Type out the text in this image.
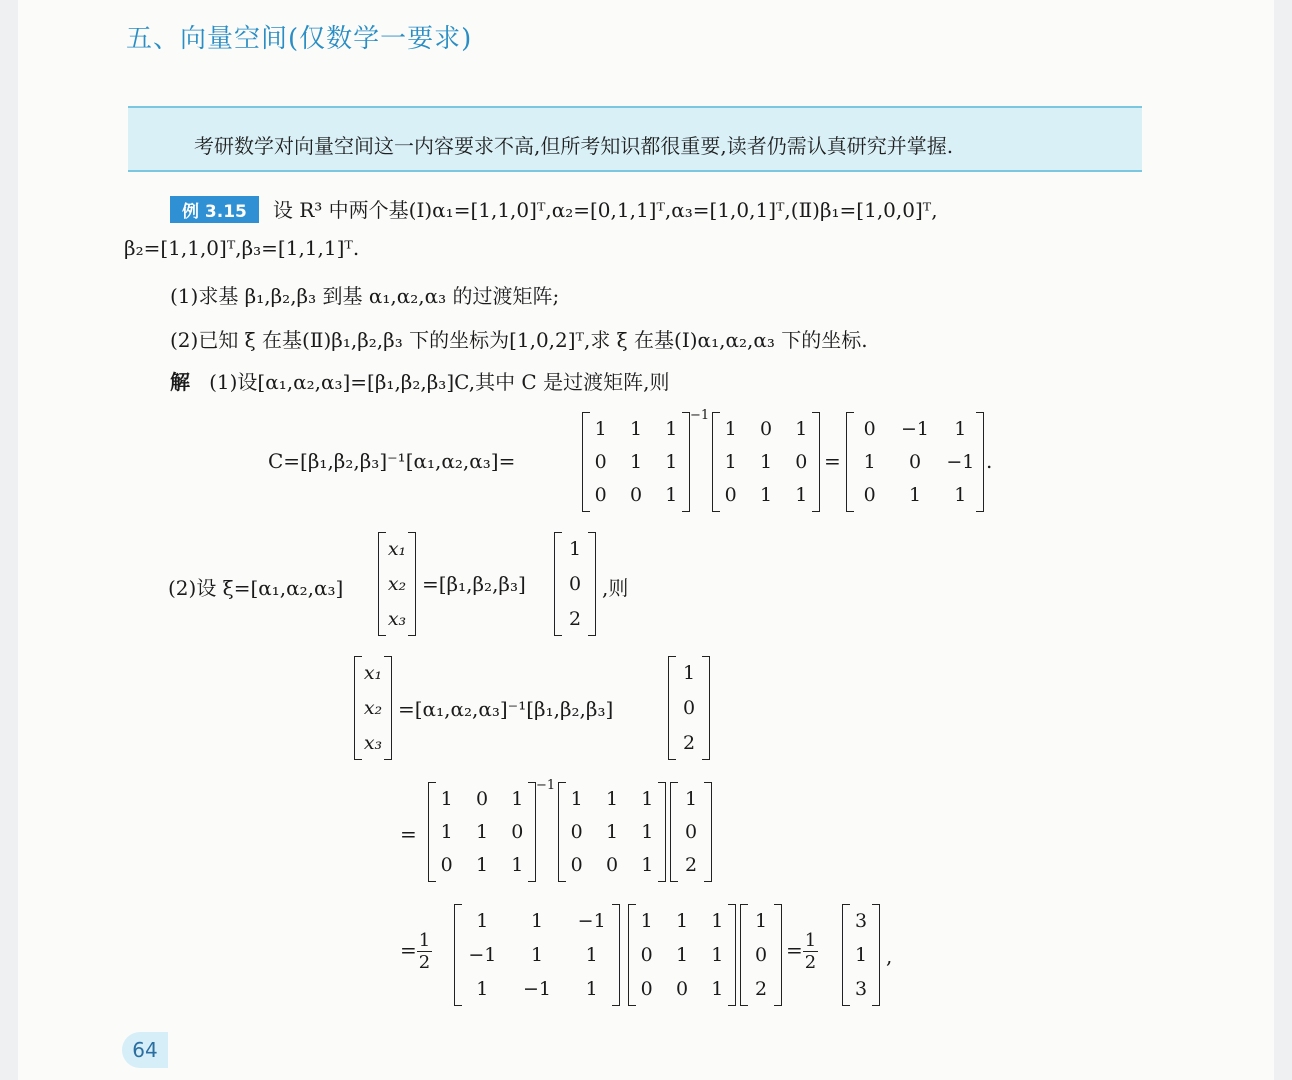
五、向量空间(仅数学一要求)
考研数学对向量空间这一内容要求不高,但所考知识都很重要,读者仍需认真研究并掌握.
例 3.15 设 R³ 中两个基(Ⅰ)α₁=[1,1,0]ᵀ,α₂=[0,1,1]ᵀ,α₃=[1,0,1]ᵀ,(Ⅱ)β₁=[1,0,0]ᵀ,
β₂=[1,1,0]ᵀ,β₃=[1,1,1]ᵀ.
(1)求基 β₁,β₂,β₃ 到基 α₁,α₂,α₃ 的过渡矩阵;
(2)已知 ξ 在基(Ⅱ)β₁,β₂,β₃ 下的坐标为[1,0,2]ᵀ,求 ξ 在基(Ⅰ)α₁,α₂,α₃ 下的坐标.
解 (1)设[α₁,α₂,α₃]=[β₁,β₂,β₃]C,其中 C 是过渡矩阵,则
C=[β₁,β₂,β₃]⁻¹[α₁,α₂,α₃]=
1	1	1
0	1	1
0	0	1
−1
1	0	1
1	1	0
0	1	1
=
0	−1	1
1	0	−1
0	1	1
.
(2)设 ξ=[α₁,α₂,α₃]
x₁
x₂
x₃
=[β₁,β₂,β₃]
1
0
2
,则
x₁
x₂
x₃
=[α₁,α₂,α₃]⁻¹[β₁,β₂,β₃]
1
0
2
=
1	0	1
1	1	0
0	1	1
−1
1	1	1
0	1	1
0	0	1
1
0
2
= $\frac{1}{2}$
1	1	−1
−1	1	1
1	−1	1
1	1	1
0	1	1
0	0	1
1
0
2
= $\frac{1}{2}$
3
1
3
,
64
